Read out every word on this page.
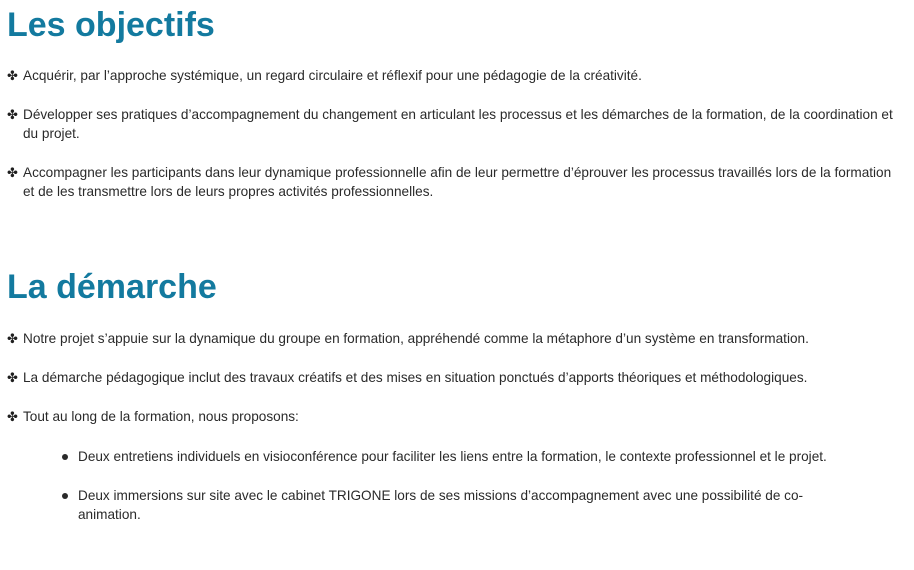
Les objectifs
✤ Acquérir, par l’approche systémique, un regard circulaire et réflexif pour une pédagogie de la créativité.
✤ Développer ses pratiques d’accompagnement du changement en articulant les processus et les démarches de la formation, de la coordination et du projet.
✤ Accompagner les participants dans leur dynamique professionnelle afin de leur permettre d’éprouver les processus travaillés lors de la formation et de les transmettre lors de leurs propres activités professionnelles.
La démarche
✤ Notre projet s’appuie sur la dynamique du groupe en formation, appréhendé comme la métaphore d’un système en transformation.
✤ La démarche pédagogique inclut des travaux créatifs et des mises en situation ponctués d’apports théoriques et méthodologiques.
✤ Tout au long de la formation, nous proposons:
Deux entretiens individuels en visioconférence pour faciliter les liens entre la formation, le contexte professionnel et le projet.
Deux immersions sur site avec le cabinet TRIGONE lors de ses missions d’accompagnement avec une possibilité de co-animation.
